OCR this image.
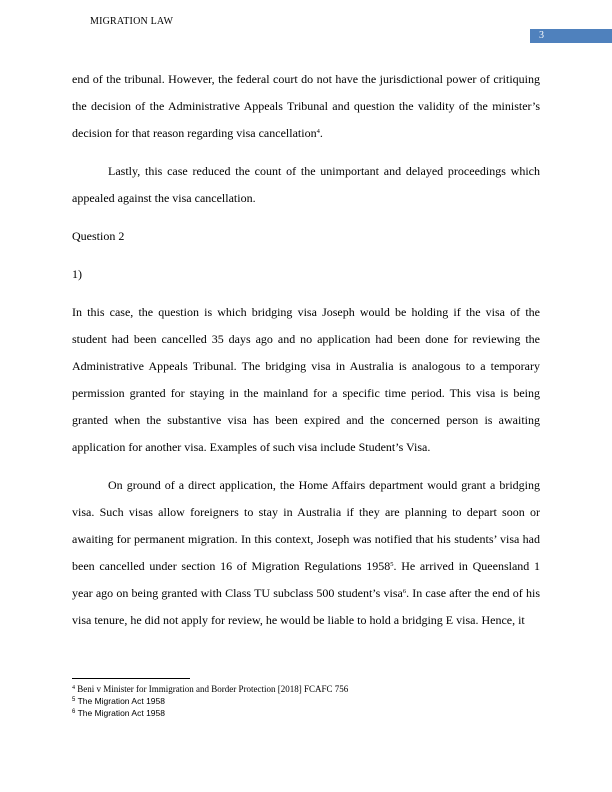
MIGRATION LAW
3

end of the tribunal. However, the federal court do not have the jurisdictional power of critiquing the decision of the Administrative Appeals Tribunal and question the validity of the minister’s decision for that reason regarding visa cancellation$^4$.

Lastly, this case reduced the count of the unimportant and delayed proceedings which appealed against the visa cancellation.

Question 2

1)

In this case, the question is which bridging visa Joseph would be holding if the visa of the student had been cancelled 35 days ago and no application had been done for reviewing the Administrative Appeals Tribunal. The bridging visa in Australia is analogous to a temporary permission granted for staying in the mainland for a specific time period. This visa is being granted when the substantive visa has been expired and the concerned person is awaiting application for another visa. Examples of such visa include Student’s Visa.

On ground of a direct application, the Home Affairs department would grant a bridging visa. Such visas allow foreigners to stay in Australia if they are planning to depart soon or awaiting for permanent migration. In this context, Joseph was notified that his students’ visa had been cancelled under section 16 of Migration Regulations 1958$^5$. He arrived in Queensland 1 year ago on being granted with Class TU subclass 500 student’s visa$^6$. In case after the end of his visa tenure, he did not apply for review, he would be liable to hold a bridging E visa. Hence, it

$^4$ Beni v Minister for Immigration and Border Protection [2018] FCAFC 756
$^5$ The Migration Act 1958
$^6$ The Migration Act 1958
